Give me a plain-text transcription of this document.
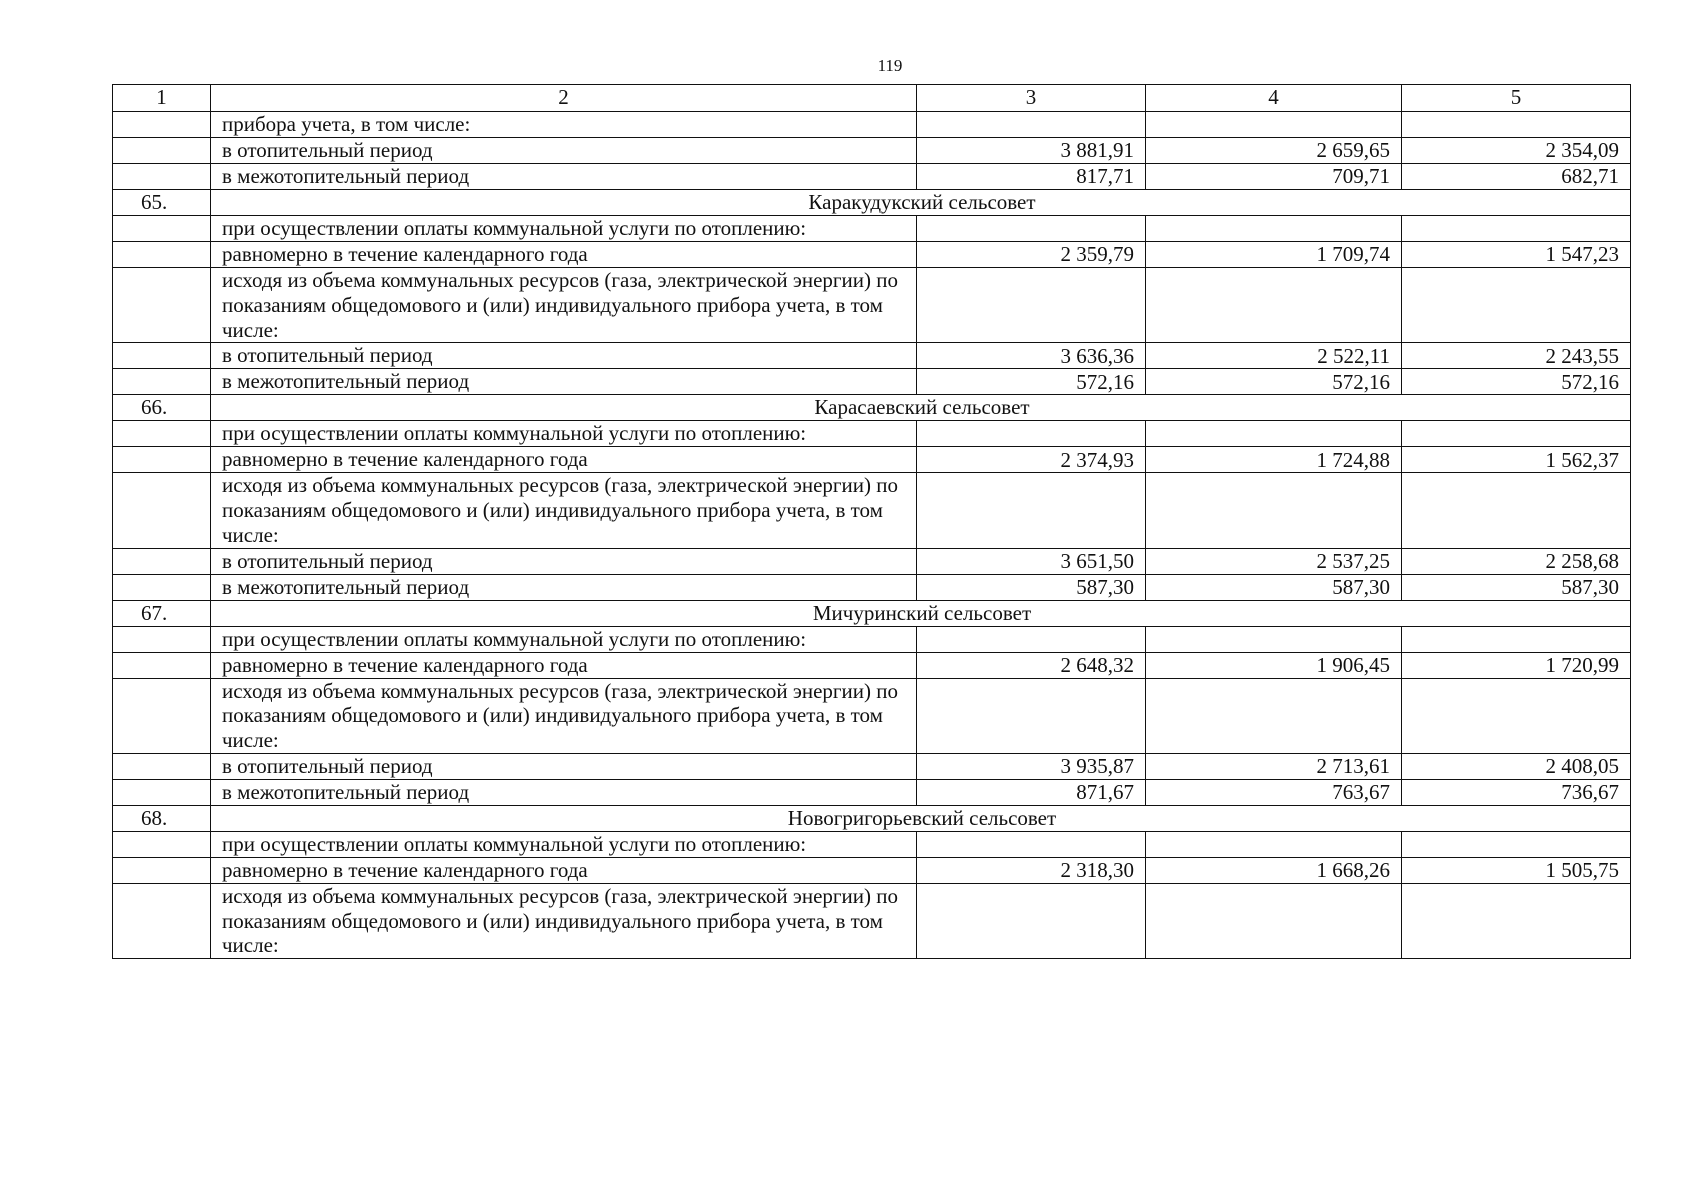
119
1	2	3	4	5
	прибора учета, в том числе:			
	в отопительный период	3 881,91	2 659,65	2 354,09
	в межотопительный период	817,71	709,71	682,71
65.	Каракудукский сельсовет			
	при осуществлении оплаты коммунальной услуги по отоплению:			
	равномерно в течение календарного года	2 359,79	1 709,74	1 547,23
	исходя из объема коммунальных ресурсов (газа, электрической энергии) по показаниям общедомового и (или) индивидуального прибора учета, в том числе:			
	в отопительный период	3 636,36	2 522,11	2 243,55
	в межотопительный период	572,16	572,16	572,16
66.	Карасаевский сельсовет			
	при осуществлении оплаты коммунальной услуги по отоплению:			
	равномерно в течение календарного года	2 374,93	1 724,88	1 562,37
	исходя из объема коммунальных ресурсов (газа, электрической энергии) по показаниям общедомового и (или) индивидуального прибора учета, в том числе:			
	в отопительный период	3 651,50	2 537,25	2 258,68
	в межотопительный период	587,30	587,30	587,30
67.	Мичуринский сельсовет			
	при осуществлении оплаты коммунальной услуги по отоплению:			
	равномерно в течение календарного года	2 648,32	1 906,45	1 720,99
	исходя из объема коммунальных ресурсов (газа, электрической энергии) по показаниям общедомового и (или) индивидуального прибора учета, в том числе:			
	в отопительный период	3 935,87	2 713,61	2 408,05
	в межотопительный период	871,67	763,67	736,67
68.	Новогригорьевский сельсовет			
	при осуществлении оплаты коммунальной услуги по отоплению:			
	равномерно в течение календарного года	2 318,30	1 668,26	1 505,75
	исходя из объема коммунальных ресурсов (газа, электрической энергии) по показаниям общедомового и (или) индивидуального прибора учета, в том числе:			
